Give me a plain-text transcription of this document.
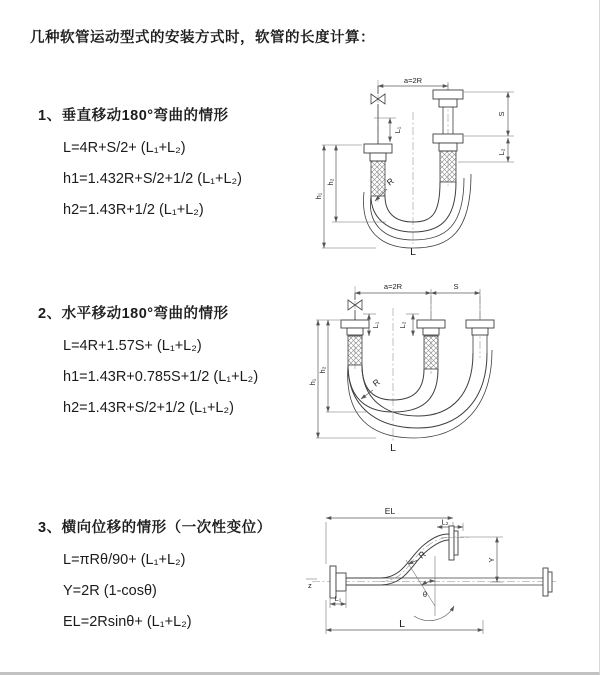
几种软管运动型式的安装方式时，软管的长度计算：
1、垂直移动180°弯曲的情形
L=4R+S/2+ (L₁+L₂)
h1=1.432R+S/2+1/2 (L₁+L₂)
h2=1.43R+1/2 (L₁+L₂)
2、水平移动180°弯曲的情形
L=4R+1.57S+ (L₁+L₂)
h1=1.43R+0.785S+1/2 (L₁+L₂)
h2=1.43R+S/2+1/2 (L₁+L₂)
3、横向位移的情形（一次性变位）
L=πRθ/90+ (L₁+L₂)
Y=2R (1-cosθ)
EL=2Rsinθ+ (L₁+L₂)
a=2R
h₁
h₂
S
L₂
L₁
R
L
a=2R	S
h₁
h₂
L₁ L₂
R
L
EL
L₂
z
L₁
L
Y
R
θ
